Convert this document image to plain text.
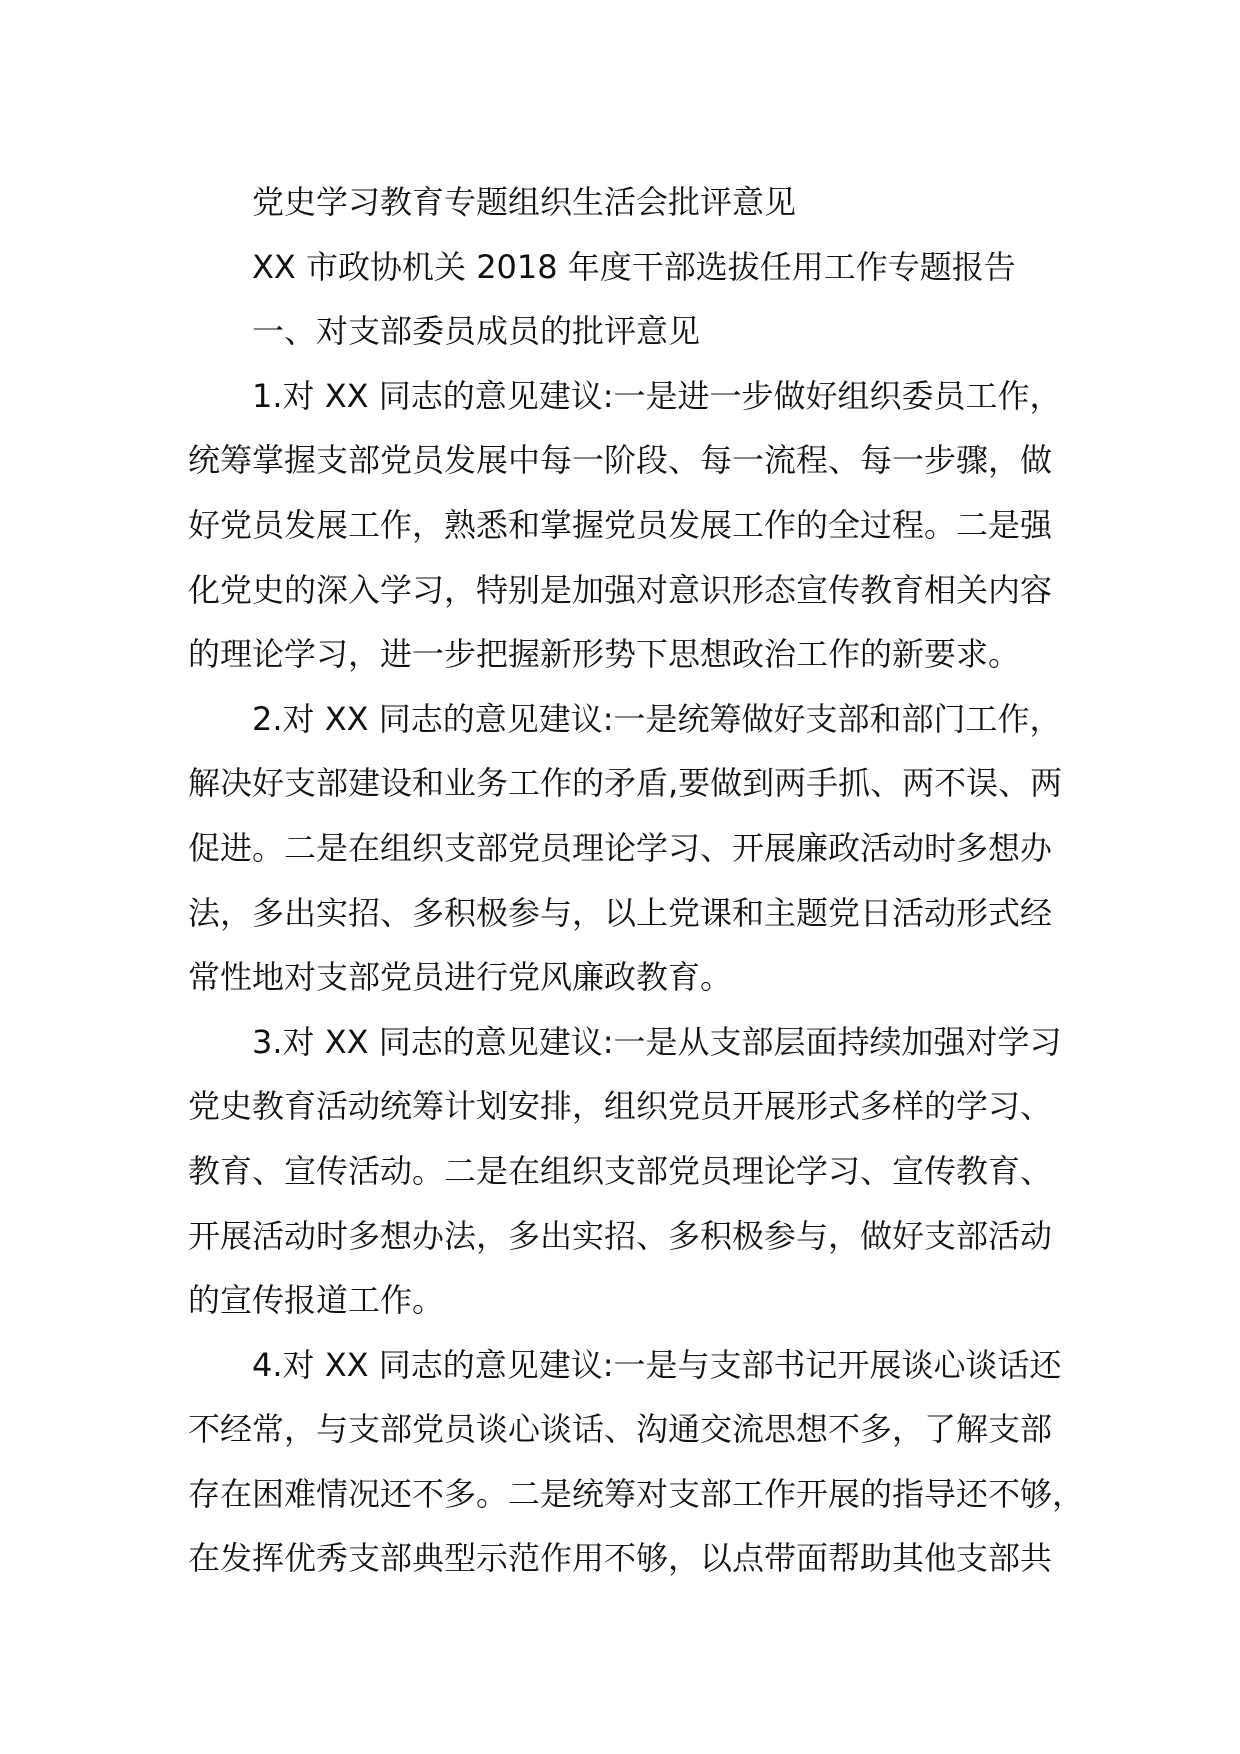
党史学习教育专题组织生活会批评意见

XX 市政协机关 2018 年度干部选拔任用工作专题报告

一、对支部委员成员的批评意见

1.对 XX 同志的意见建议:一是进一步做好组织委员工作，

统筹掌握支部党员发展中每一阶段、每一流程、每一步骤，做

好党员发展工作，熟悉和掌握党员发展工作的全过程。二是强

化党史的深入学习，特别是加强对意识形态宣传教育相关内容

的理论学习，进一步把握新形势下思想政治工作的新要求。

2.对 XX 同志的意见建议:一是统筹做好支部和部门工作，

解决好支部建设和业务工作的矛盾,要做到两手抓、两不误、两

促进。二是在组织支部党员理论学习、开展廉政活动时多想办

法，多出实招、多积极参与，以上党课和主题党日活动形式经

常性地对支部党员进行党风廉政教育。

3.对 XX 同志的意见建议:一是从支部层面持续加强对学习

党史教育活动统筹计划安排，组织党员开展形式多样的学习、

教育、宣传活动。二是在组织支部党员理论学习、宣传教育、

开展活动时多想办法，多出实招、多积极参与，做好支部活动

的宣传报道工作。

4.对 XX 同志的意见建议:一是与支部书记开展谈心谈话还

不经常，与支部党员谈心谈话、沟通交流思想不多，了解支部

存在困难情况还不多。二是统筹对支部工作开展的指导还不够，

在发挥优秀支部典型示范作用不够，以点带面帮助其他支部共
